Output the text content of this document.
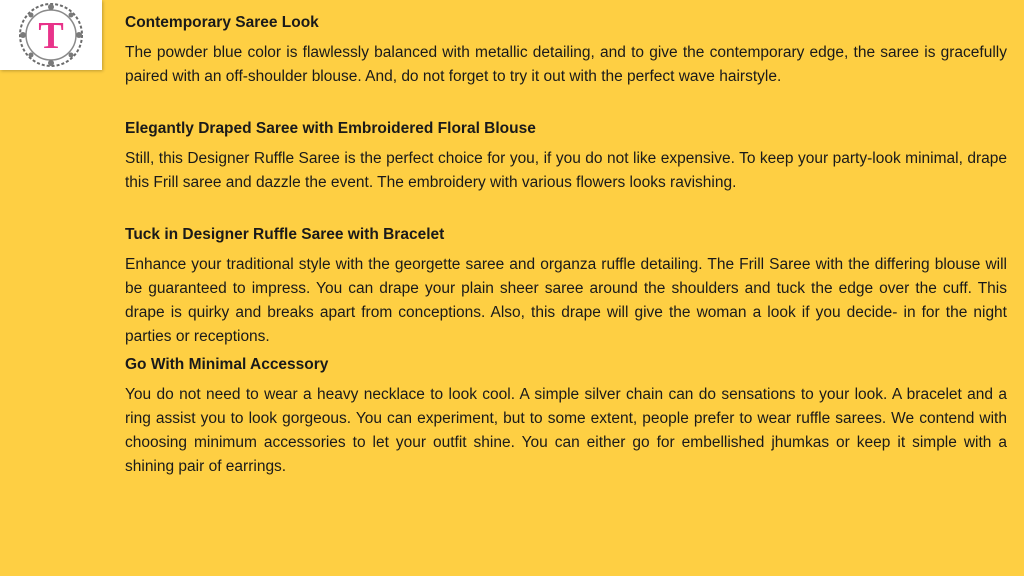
T	Contemporary Saree Look

The powder blue color is flawlessly balanced with metallic detailing, and to give the contemporary edge, the saree is gracefully paired with an off-shoulder blouse. And, do not forget to try it out with the perfect wave hairstyle.

Elegantly Draped Saree with Embroidered Floral Blouse

Still, this Designer Ruffle Saree is the perfect choice for you, if you do not like expensive. To keep your party-look minimal, drape this Frill saree and dazzle the event. The embroidery with various flowers looks ravishing.

Tuck in Designer Ruffle Saree with Bracelet

Enhance your traditional style with the georgette saree and organza ruffle detailing. The Frill Saree with the differing blouse will be guaranteed to impress. You can drape your plain sheer saree around the shoulders and tuck the edge over the cuff. This drape is quirky and breaks apart from conceptions. Also, this drape will give the woman a look if you decide- in for the night parties or receptions.

Go With Minimal Accessory

You do not need to wear a heavy necklace to look cool. A simple silver chain can do sensations to your look. A bracelet and a ring assist you to look gorgeous. You can experiment, but to some extent, people prefer to wear ruffle sarees. We contend with choosing minimum accessories to let your outfit shine. You can either go for embellished jhumkas or keep it simple with a shining pair of earrings.
